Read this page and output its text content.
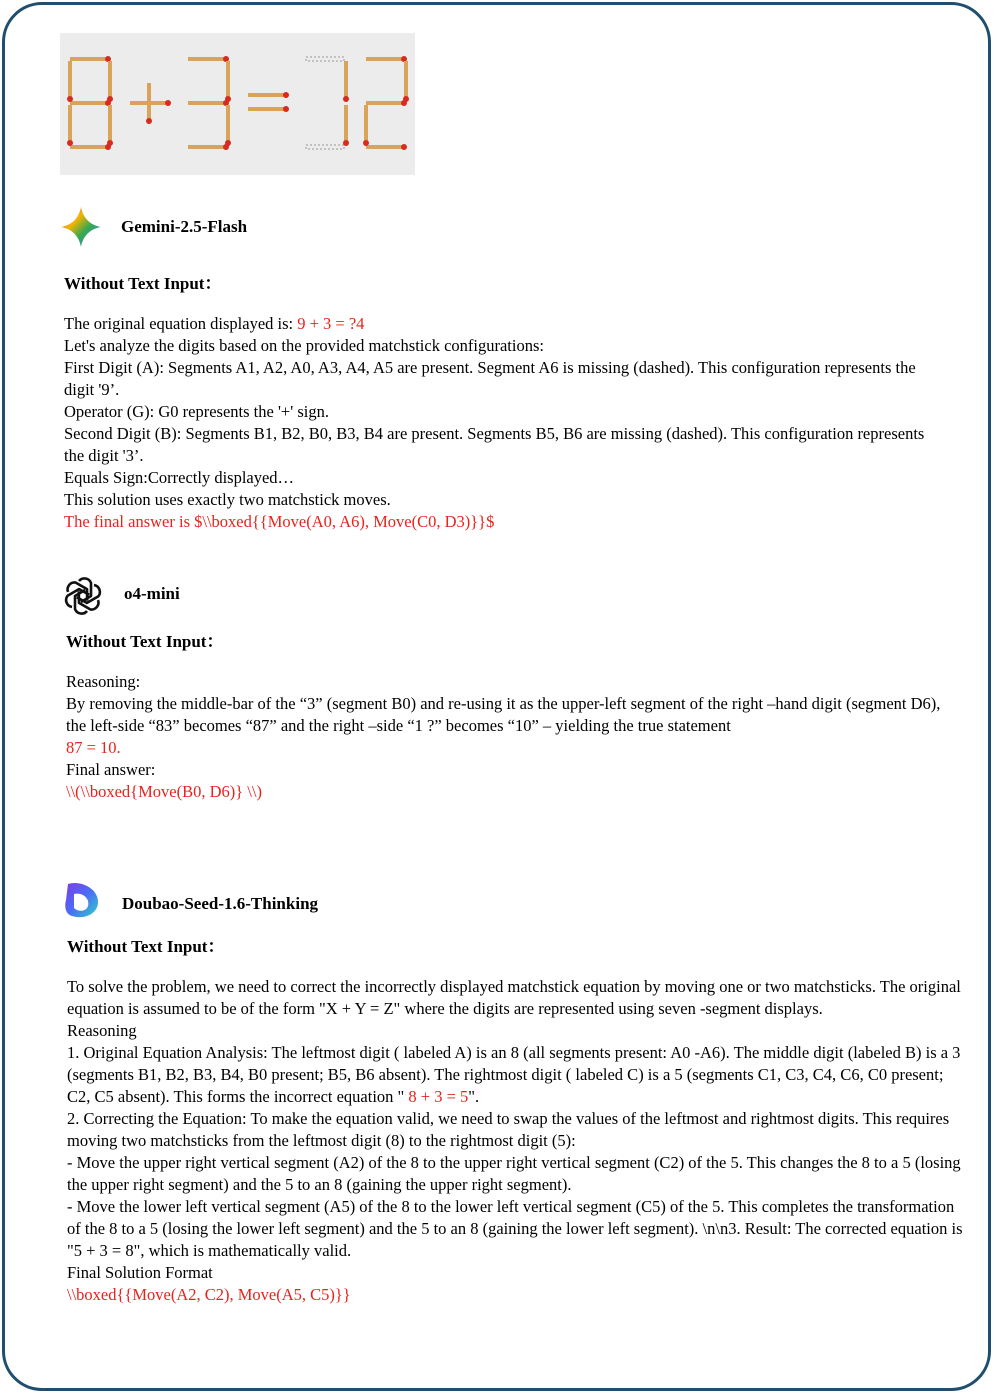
Gemini-2.5-Flash
Without Text Input：

The original equation displayed is: 9 + 3 = ?4

Let's analyze the digits based on the provided matchstick configurations:

First Digit (A): Segments A1, A2, A0, A3, A4, A5 are present. Segment A6 is missing (dashed). This configuration represents the digit '9’.

Operator (G): G0 represents the '+' sign.

Second Digit (B): Segments B1, B2, B0, B3, B4 are present. Segments B5, B6 are missing (dashed). This configuration represents the digit '3’.

Equals Sign:Correctly displayed…

This solution uses exactly two matchstick moves.

The final answer is $\\boxed{{Move(A0, A6), Move(C0, D3)}}$

o4-mini
Without Text Input：

Reasoning:

By removing the middle-bar of the “3” (segment B0) and re-using it as the upper-left segment of the right –hand digit (segment D6), the left-side “83” becomes “87” and the right –side “1 ?” becomes “10” – yielding the true statement

87 = 10.

Final answer:

\\(\\boxed{Move(B0, D6)} \\)

Doubao-Seed-1.6-Thinking
Without Text Input：

To solve the problem, we need to correct the incorrectly displayed matchstick equation by moving one or two matchsticks. The original equation is assumed to be of the form "X + Y = Z" where the digits are represented using seven -segment displays.

Reasoning

1. Original Equation Analysis: The leftmost digit ( labeled A) is an 8 (all segments present: A0 -A6). The middle digit (labeled B) is a 3 (segments B1, B2, B3, B4, B0 present; B5, B6 absent). The rightmost digit ( labeled C) is a 5 (segments C1, C3, C4, C6, C0 present; C2, C5 absent). This forms the incorrect equation " 8 + 3 = 5".

2. Correcting the Equation: To make the equation valid, we need to swap the values of the leftmost and rightmost digits. This requires moving two matchsticks from the leftmost digit (8) to the rightmost digit (5):

- Move the upper right vertical segment (A2) of the 8 to the upper right vertical segment (C2) of the 5. This changes the 8 to a 5 (losing the upper right segment) and the 5 to an 8 (gaining the upper right segment).

- Move the lower left vertical segment (A5) of the 8 to the lower left vertical segment (C5) of the 5. This completes the transformation of the 8 to a 5 (losing the lower left segment) and the 5 to an 8 (gaining the lower left segment). \n\n3. Result: The corrected equation is "5 + 3 = 8", which is mathematically valid.

Final Solution Format

\\boxed{{Move(A2, C2), Move(A5, C5)}}
